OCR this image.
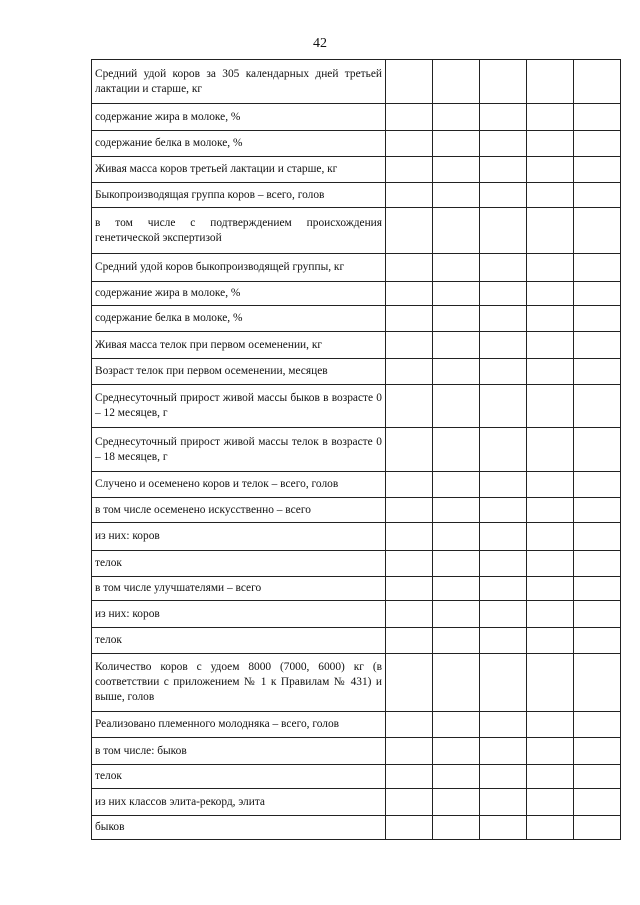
42
Средний удой коров за 305 календарных дней третьей лактации и старше, кг					
содержание жира в молоке, %					
содержание белка в молоке, %					
Живая масса коров третьей лактации и старше, кг					
Быкопроизводящая группа коров – всего, голов					
в том числе с подтверждением происхождения генетической экспертизой					
Средний удой коров быкопроизводящей группы, кг					
содержание жира в молоке, %					
содержание белка в молоке, %					
Живая масса телок при первом осеменении, кг					
Возраст телок при первом осеменении, месяцев					
Среднесуточный прирост живой массы быков в возрасте 0 – 12 месяцев, г					
Среднесуточный прирост живой массы телок в возрасте 0 – 18 месяцев, г					
Случено и осеменено коров и телок – всего, голов					
в том числе осеменено искусственно – всего					
из них: коров					
телок					
в том числе улучшателями – всего					
из них: коров					
телок					
Количество коров с удоем 8000 (7000, 6000) кг (в соответствии с приложением № 1 к Правилам № 431) и выше, голов					
Реализовано племенного молодняка – всего, голов					
в том числе: быков					
телок					
из них классов элита-рекорд, элита					
быков					
